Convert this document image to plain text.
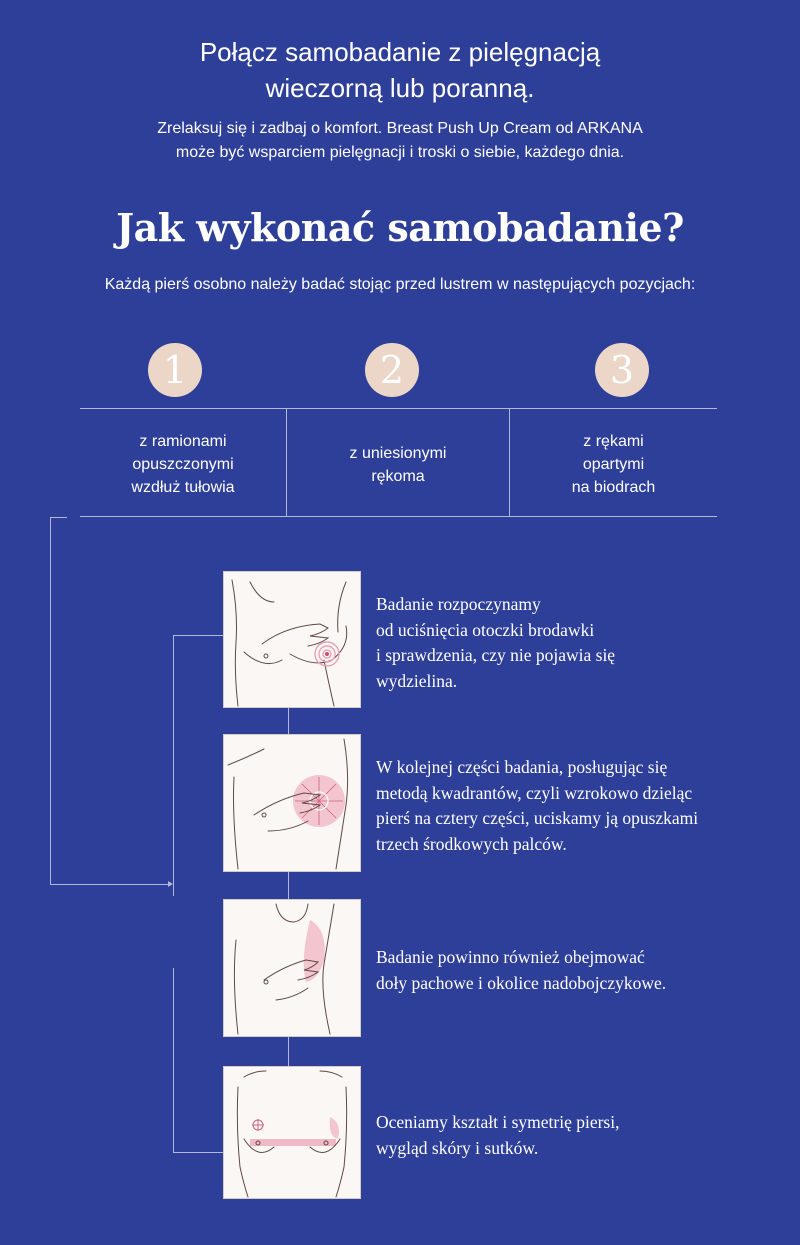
Połącz samobadanie z pielęgnacją
wieczorną lub poranną.
Zrelaksuj się i zadbaj o komfort. Breast Push Up Cream od ARKANA
może być wsparciem pielęgnacji i troski o siebie, każdego dnia.
Jak wykonać samobadanie?
Każdą pierś osobno należy badać stojąc przed lustrem w następujących pozycjach:
1	2	3
z ramionami
opuszczonymi
wzdłuż tułowia
z uniesionymi
rękoma
z rękami
opartymi
na biodrach
Badanie rozpoczynamy
od uciśnięcia otoczki brodawki
i sprawdzenia, czy nie pojawia się
wydzielina.
W kolejnej części badania, posługując się
metodą kwadrantów, czyli wzrokowo dzieląc
pierś na cztery części, uciskamy ją opuszkami
trzech środkowych palców.
Badanie powinno również obejmować
doły pachowe i okolice nadobojczykowe.
Oceniamy kształt i symetrię piersi,
wygląd skóry i sutków.
